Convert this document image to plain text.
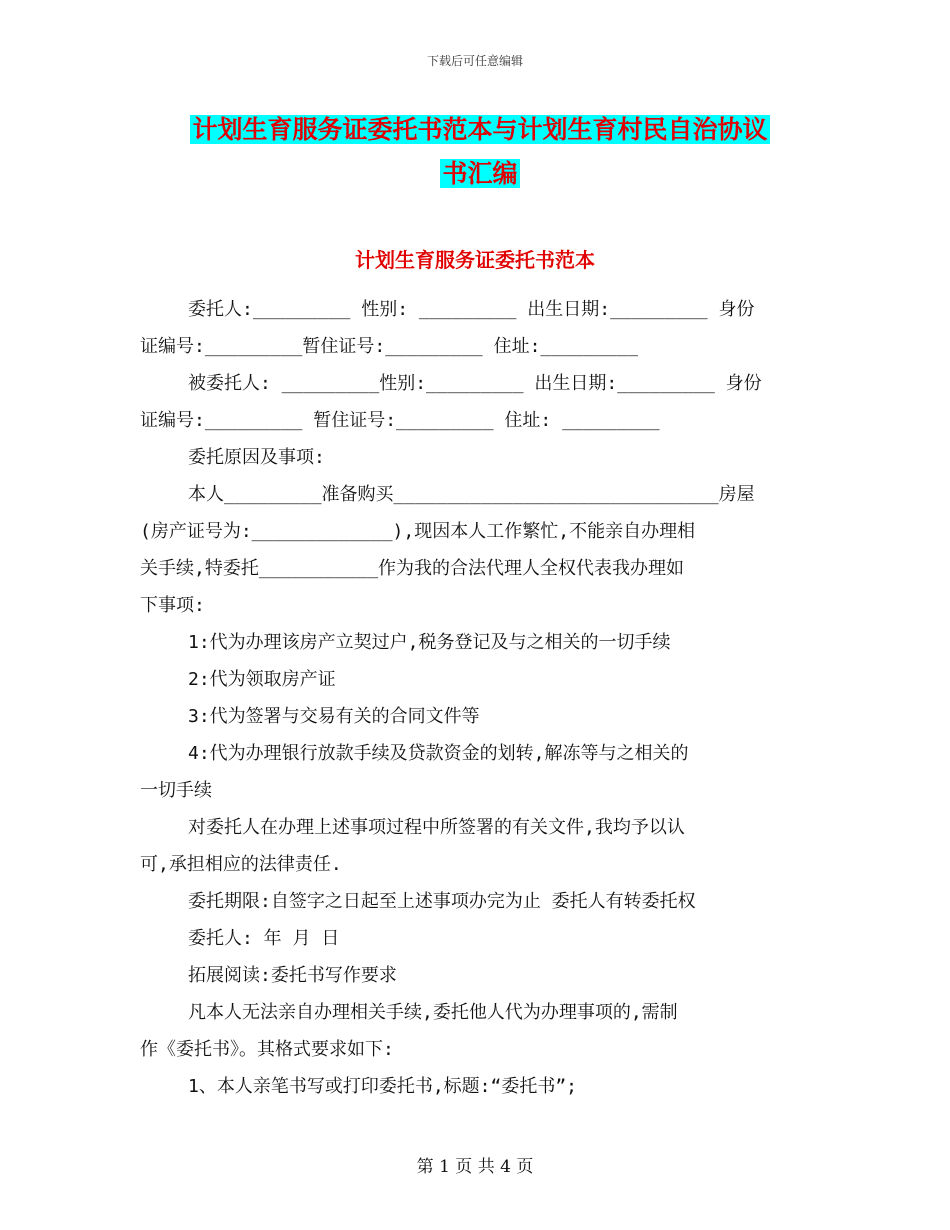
下载后可任意编辑
计划生育服务证委托书范本与计划生育村民自治协议
书汇编
计划生育服务证委托书范本
委托人:_________ 性别: _________ 出生日期:_________ 身份
证编号:_________暂住证号:_________ 住址:_________
被委托人: _________性别:_________ 出生日期:_________ 身份
证编号:_________ 暂住证号:_________ 住址: _________
委托原因及事项:
本人_________准备购买______________________________房屋
(房产证号为:_____________),现因本人工作繁忙,不能亲自办理相
关手续,特委托___________作为我的合法代理人全权代表我办理如
下事项:
1:代为办理该房产立契过户,税务登记及与之相关的一切手续
2:代为领取房产证
3:代为签署与交易有关的合同文件等
4:代为办理银行放款手续及贷款资金的划转,解冻等与之相关的
一切手续
对委托人在办理上述事项过程中所签署的有关文件,我均予以认
可,承担相应的法律责任.
委托期限:自签字之日起至上述事项办完为止 委托人有转委托权
委托人: 年 月 日
拓展阅读:委托书写作要求
凡本人无法亲自办理相关手续,委托他人代为办理事项的,需制
作《委托书》。其格式要求如下:
1、本人亲笔书写或打印委托书,标题:“委托书”;
第 1 页 共 4 页
